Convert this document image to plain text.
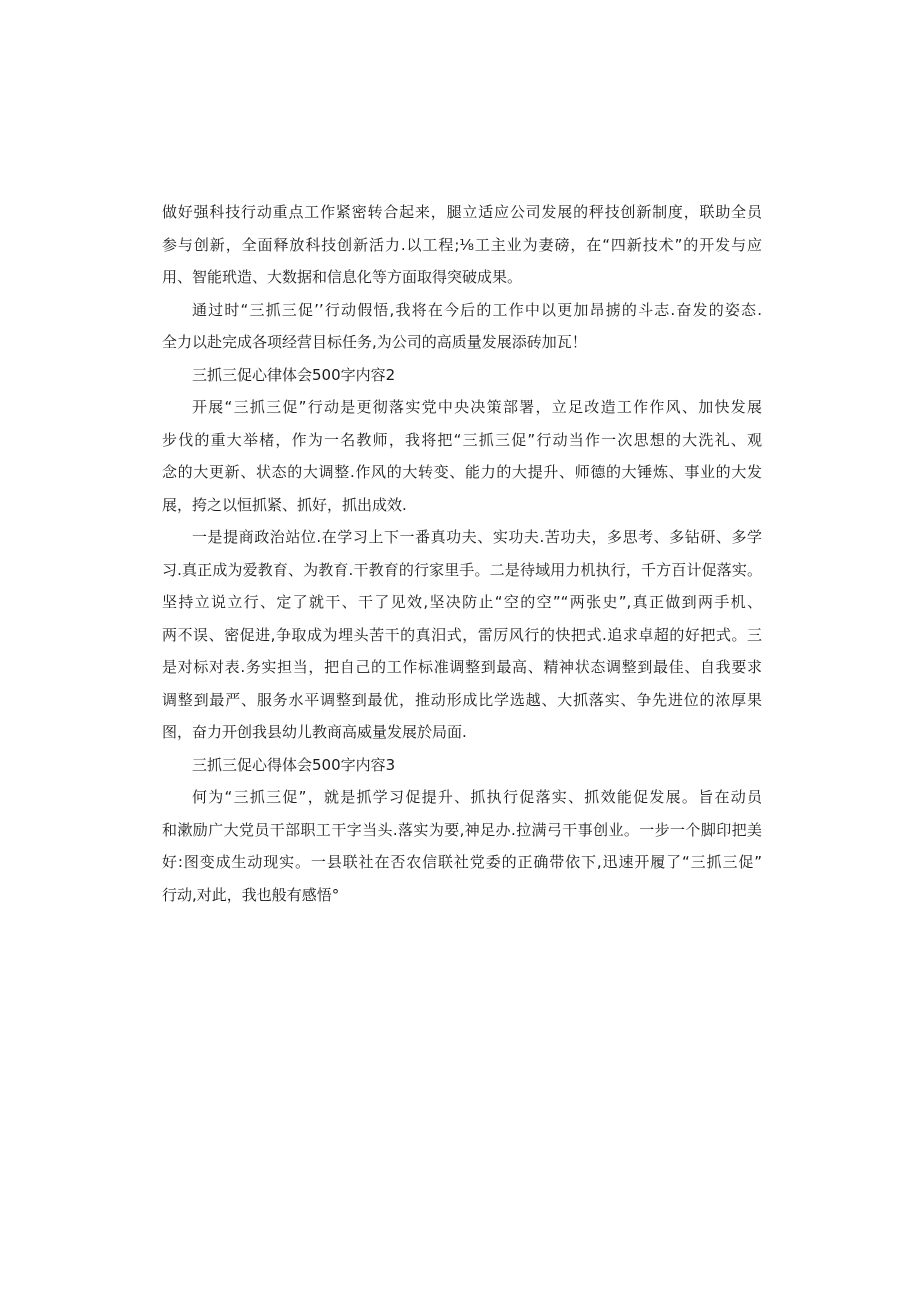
做好强科技行动重点工作紧密转合起来，腿立适应公司发展的秤技创新制度，联助全员
参与创新，全面释放科技创新活力.以工程;⅛工主业为妻磅，在“四新技术”的开发与应
用、智能玳造、大数据和信息化等方面取得突破成果。
通过时“三抓三促’’行动假悟,我将在今后的工作中以更加昂掳的斗志.奋发的姿态.
全力以赴完成各项经营目标任务,为公司的高质量发展添砖加瓦！
三抓三促心律体会500字内容2
开展“三抓三促”行动是更彻落实党中央决策部署，立足改造工作作风、加快发展
步伐的重大举楮，作为一名教师，我将把“三抓三促”行动当作一次思想的大洗礼、观
念的大更新、状态的大调整.作风的大转变、能力的大提升、师德的大锤炼、事业的大发
展，挎之以恒抓紧、抓好，抓出成效.
一是提商政治站位.在学习上下一番真功夫、实功夫.苦功夫，多思考、多钻研、多学
习.真正成为爱教育、为教育.干教育的行家里手。二是待域用力机执行，千方百计促落实。
坚持立说立行、定了就干、干了见效,坚决防止“空的空”“两张史”,真正做到两手机、
两不误、密促进,争取成为埋头苦干的真汨式，雷厉风行的快把式.追求卓超的好把式。三
是对标对表.务实担当，把自己的工作标准调整到最高、精神状态调整到最佳、自我要求
调整到最严、服务水平调整到最优，推动形成比学选越、大抓落实、争先进位的浓厚果
图，奋力开创我县幼儿教商高威量发展於局面.
三抓三促心得体会500字内容3
何为“三抓三促”，就是抓学习促提升、抓执行促落实、抓效能促发展。旨在动员
和漱励广大党员干部职工干字当头.落实为要,神足办.拉满弓干事创业。一步一个脚印把美
好:图变成生动现实。一县联社在否农信联社党委的正确带依下,迅速开履了“三抓三促”
行动,对此，我也般有感悟°
